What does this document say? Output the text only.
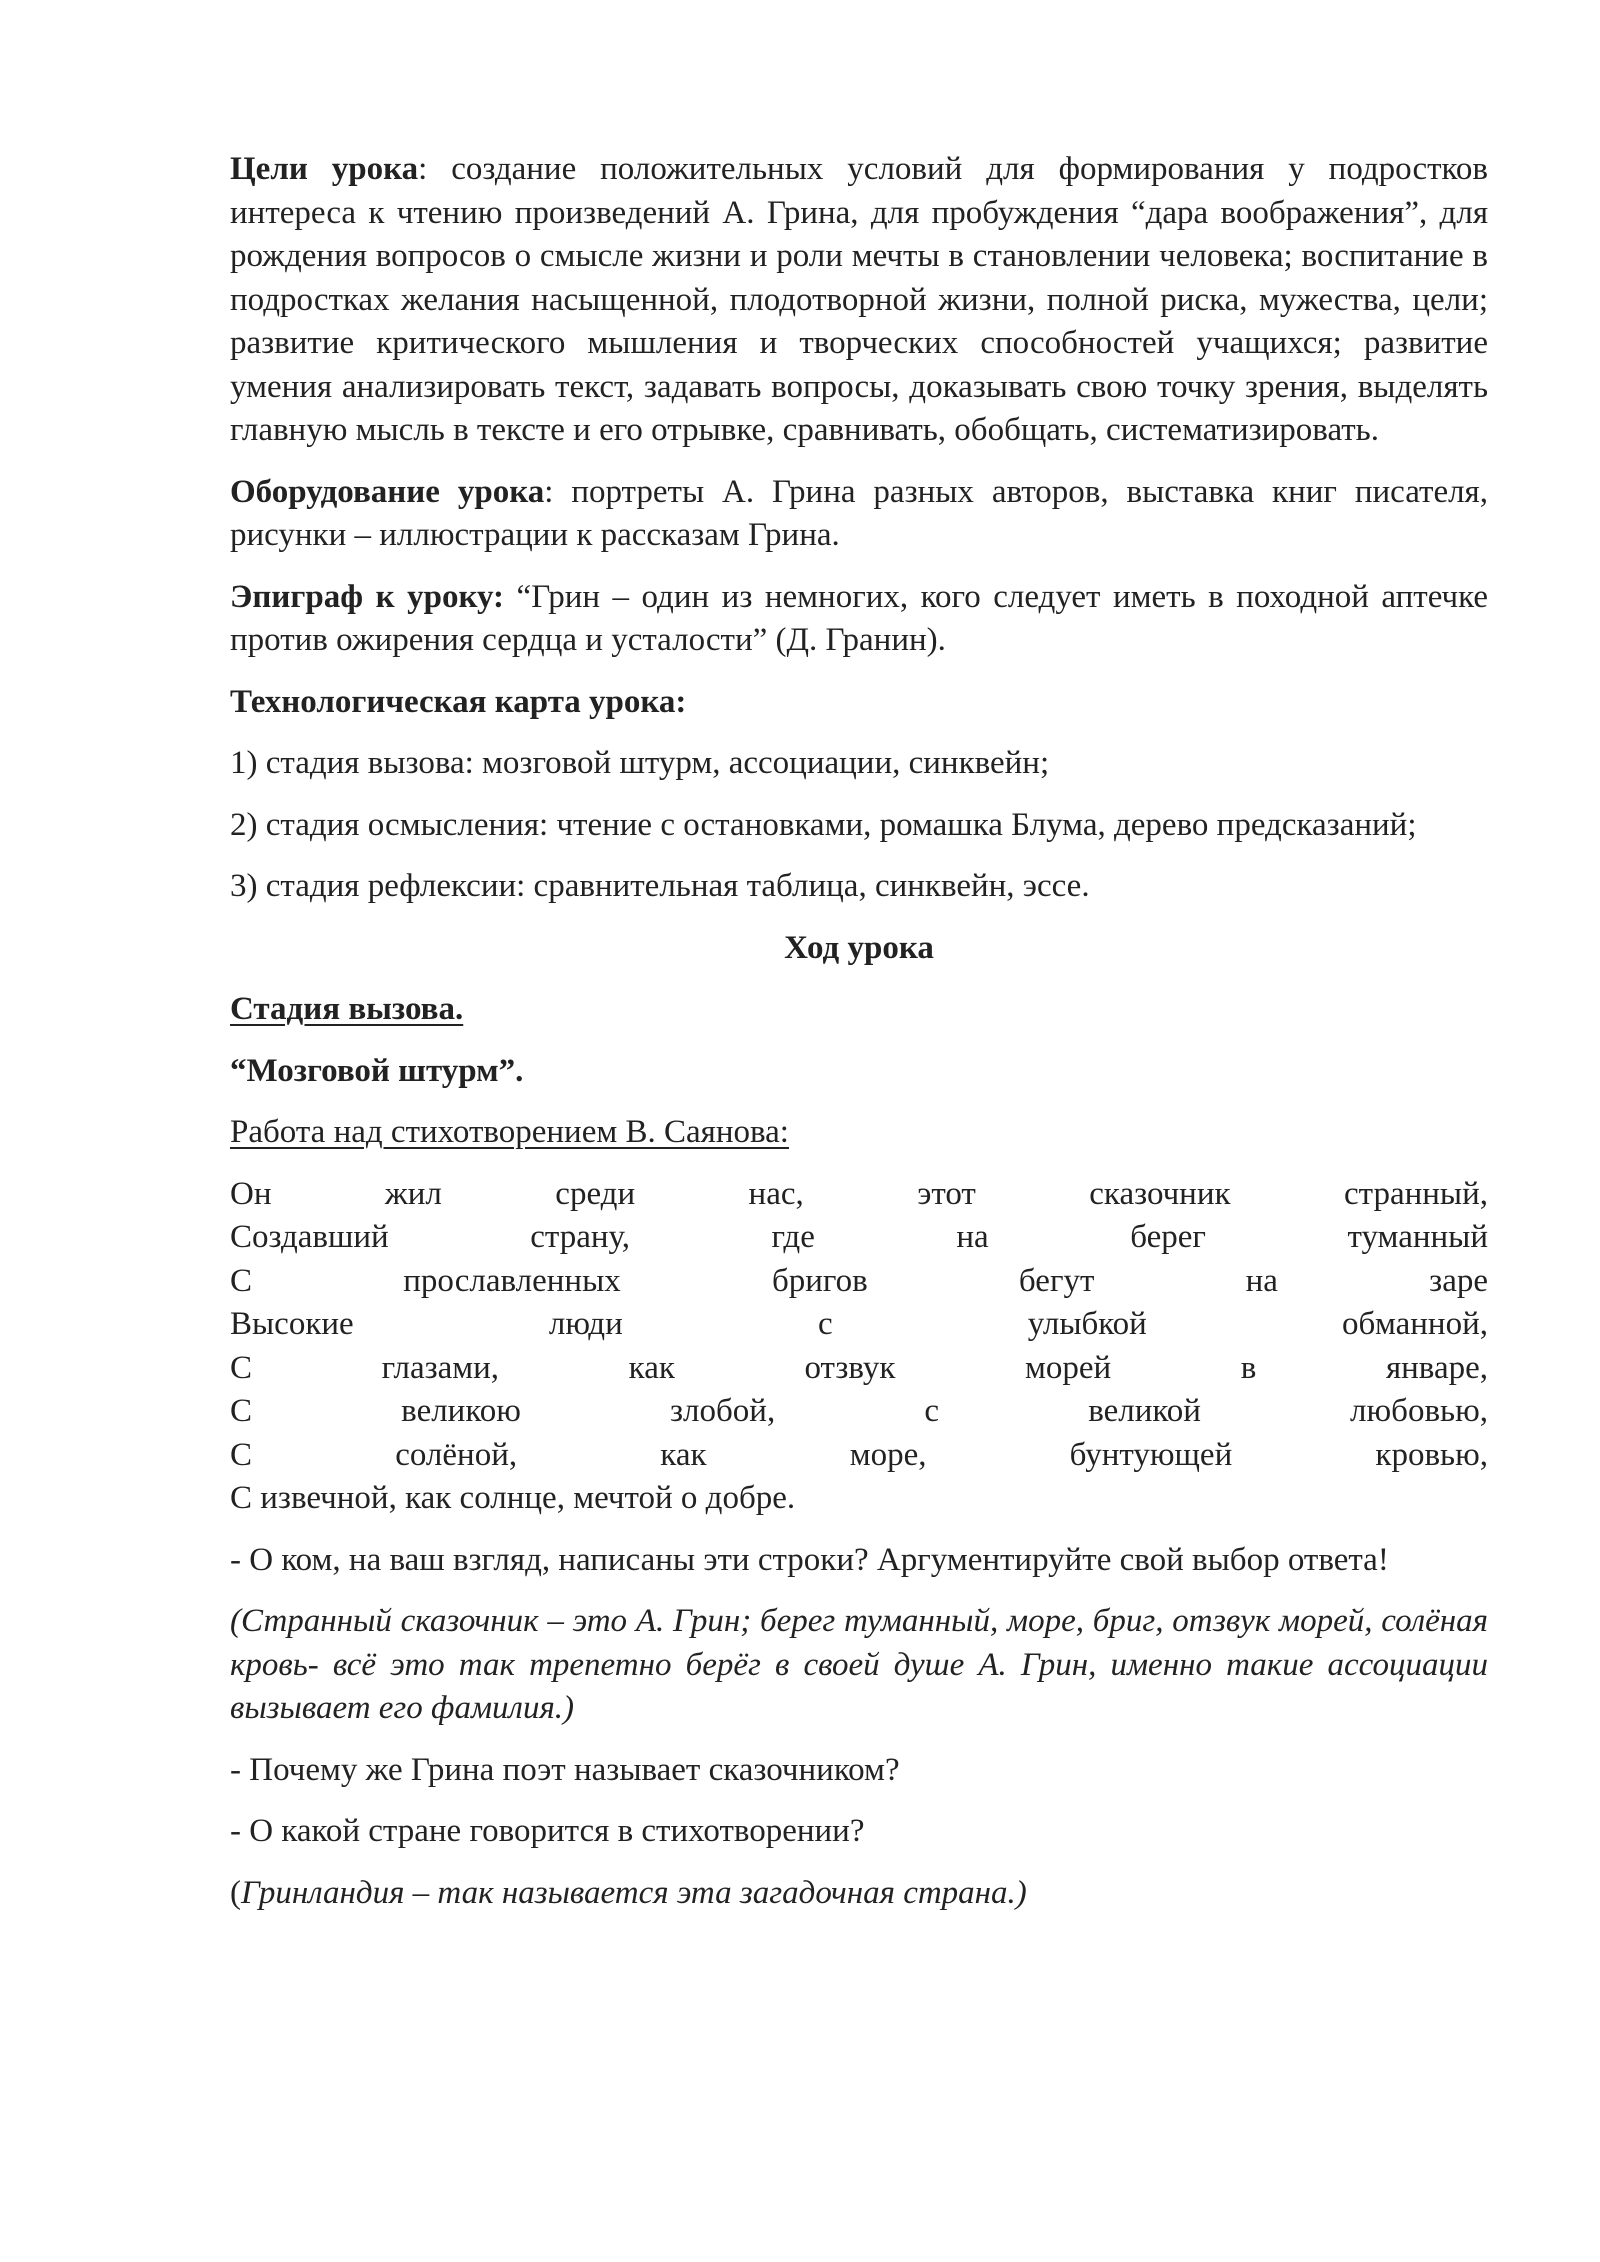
Цели урока: создание положительных условий для формирования у подростков интереса к чтению произведений А. Грина, для пробуждения “дара воображения”, для рождения вопросов о смысле жизни и роли мечты в становлении человека; воспитание в подростках желания насыщенной, плодотворной жизни, полной риска, мужества, цели; развитие критического мышления и творческих способностей учащихся; развитие умения анализировать текст, задавать вопросы, доказывать свою точку зрения, выделять главную мысль в тексте и его отрывке, сравнивать, обобщать, систематизировать.

Оборудование урока: портреты А. Грина разных авторов, выставка книг писателя, рисунки – иллюстрации к рассказам Грина.

Эпиграф к уроку: “Грин – один из немногих, кого следует иметь в походной аптечке против ожирения сердца и усталости” (Д. Гранин).

Технологическая карта урока:

1) стадия вызова: мозговой штурм, ассоциации, синквейн;

2) стадия осмысления: чтение с остановками, ромашка Блума, дерево предсказаний;

3) стадия рефлексии: сравнительная таблица, синквейн, эссе.

Ход урока

Стадия вызова.

“Мозговой штурм”.

Работа над стихотворением В. Саянова:

Он жил среди нас, этот сказочник странный,
Создавший страну, где на берег туманный
С прославленных бригов бегут на заре
Высокие люди с улыбкой обманной,
С глазами, как отзвук морей в январе,
С великою злобой, с великой любовью,
С солёной, как море, бунтующей кровью,
С извечной, как солнце, мечтой о добре.

- О ком, на ваш взгляд, написаны эти строки? Аргументируйте свой выбор ответа!

(Странный сказочник – это А. Грин; берег туманный, море, бриг, отзвук морей, солёная кровь- всё это так трепетно берёг в своей душе А. Грин, именно такие ассоциации вызывает его фамилия.)

- Почему же Грина поэт называет сказочником?

- О какой стране говорится в стихотворении?

(Гринландия – так называется эта загадочная страна.)
